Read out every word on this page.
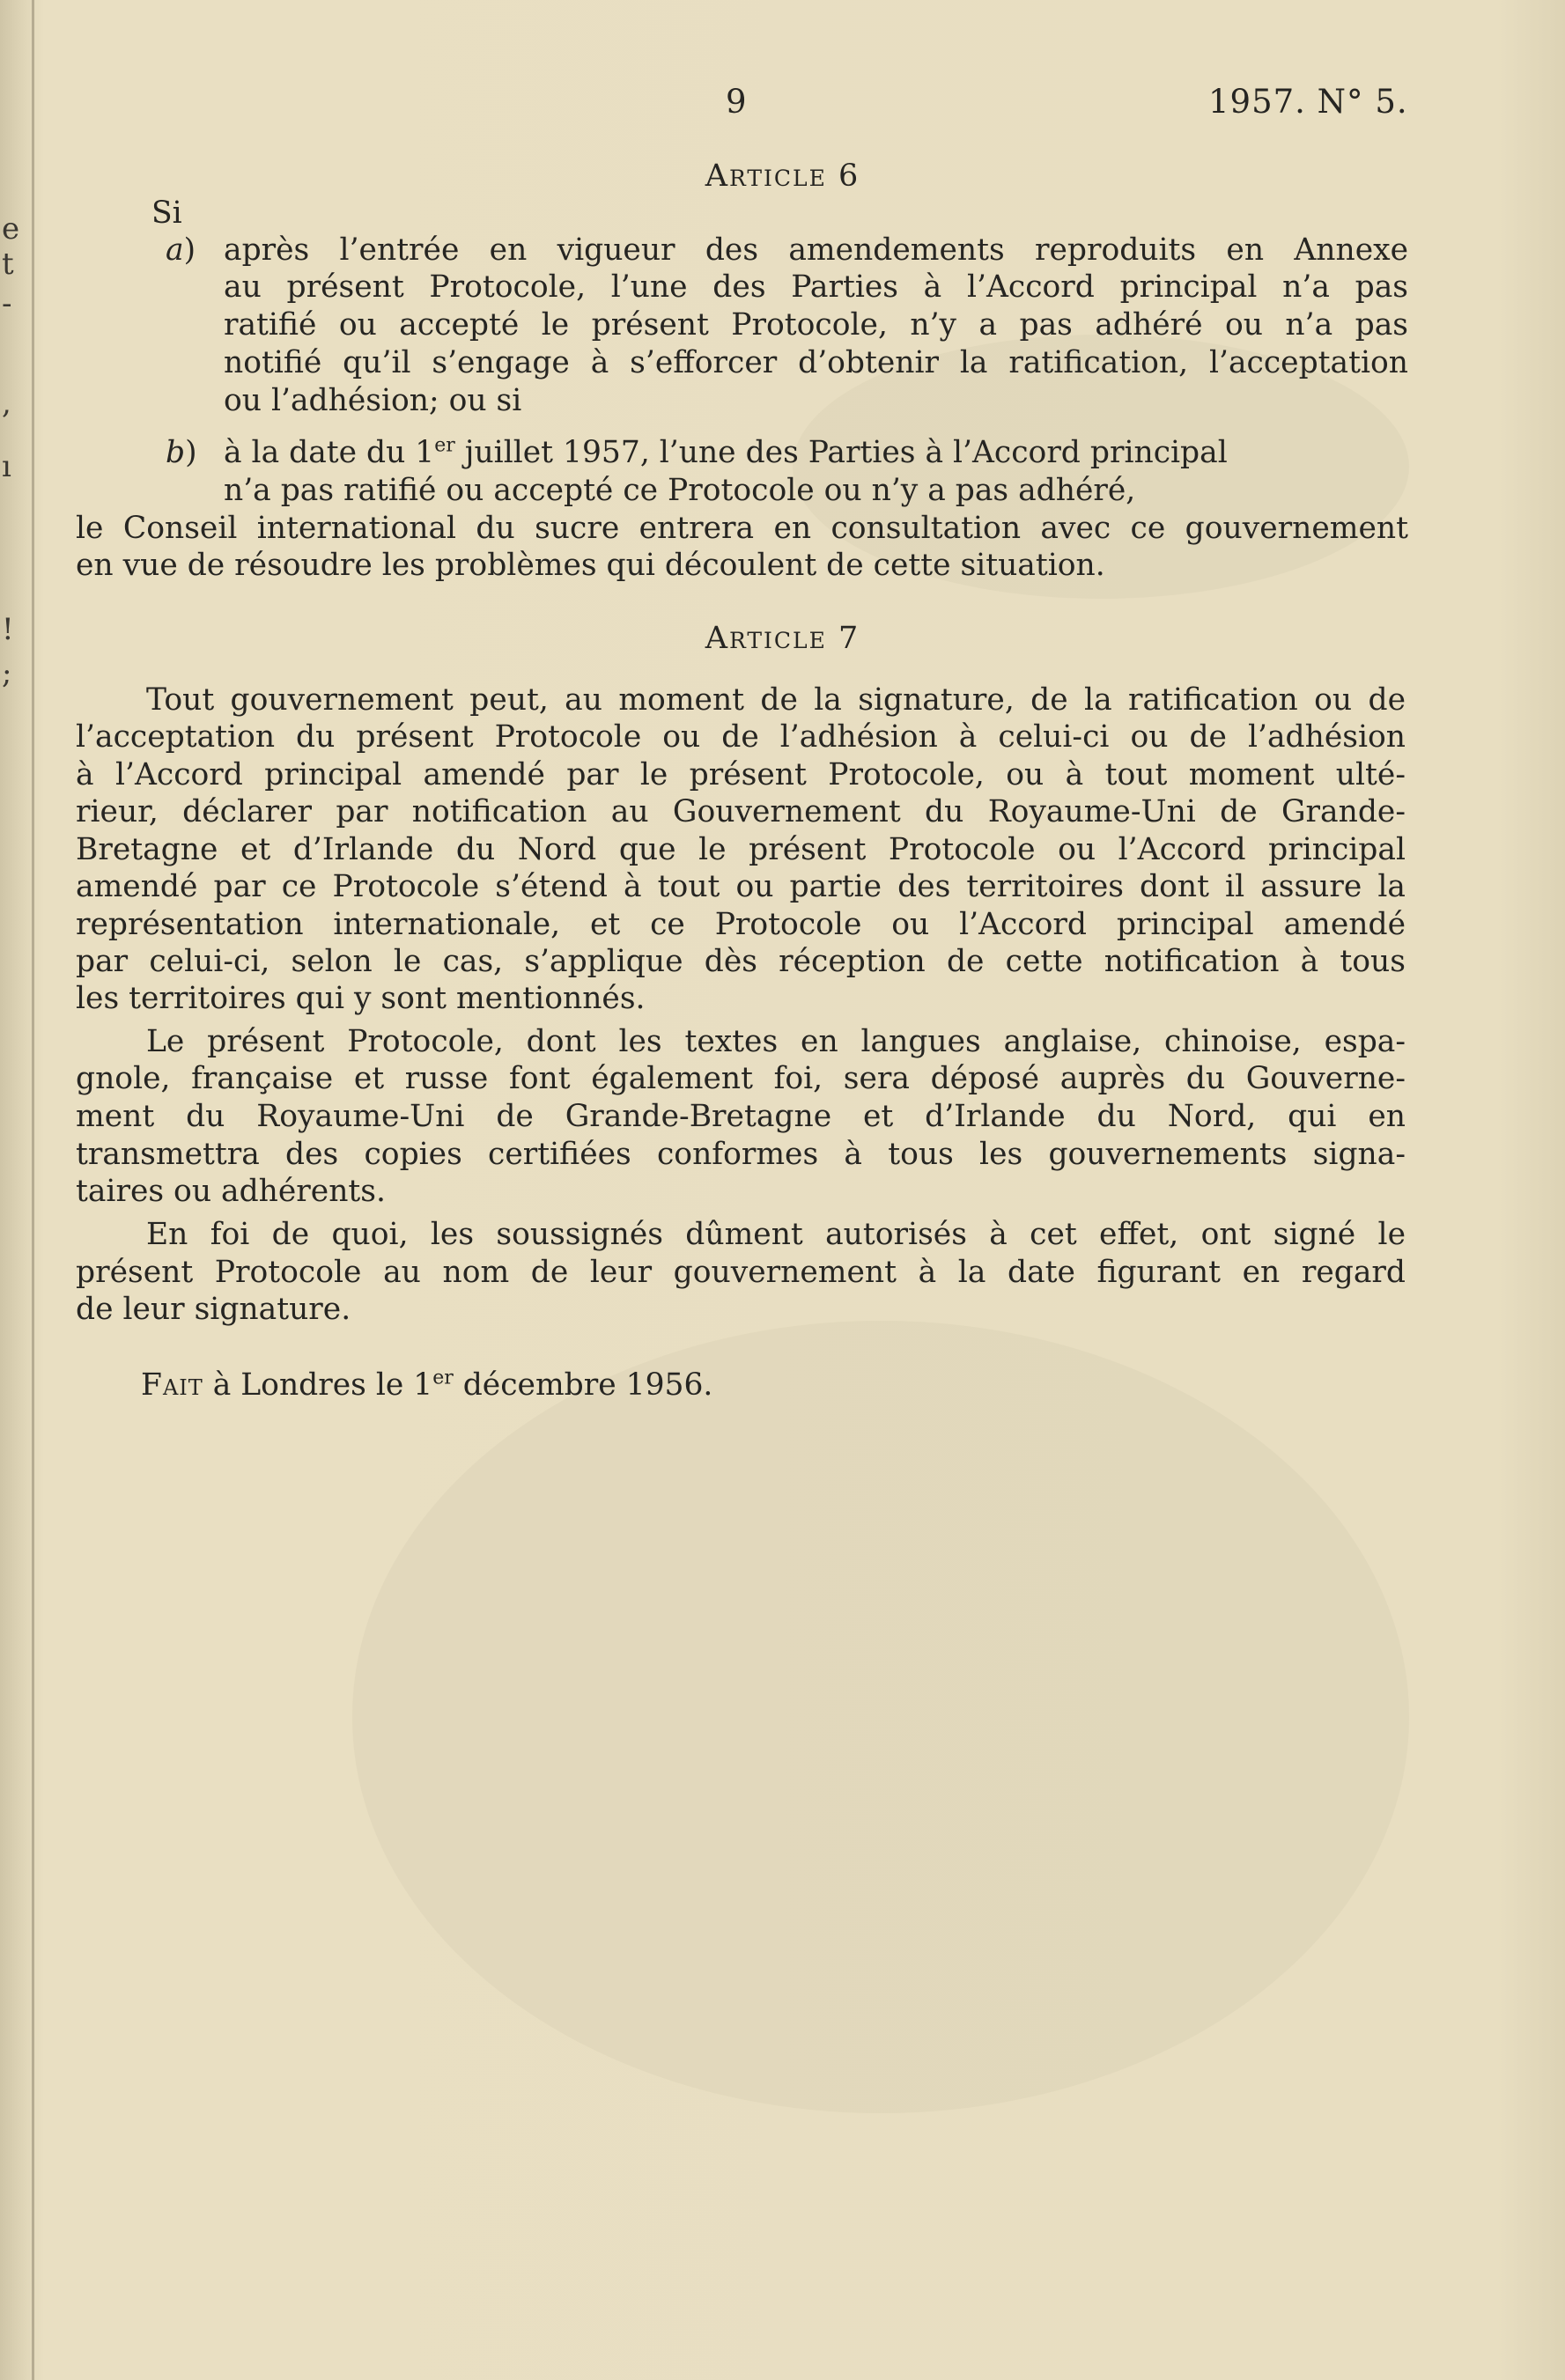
e
t
-
,
ı
!
;
9	1957. N° 5.
Article 6
Si
a) après l’entrée en vigueur des amendements reproduits en Annexe
au présent Protocole, l’une des Parties à l’Accord principal n’a pas
ratifié ou accepté le présent Protocole, n’y a pas adhéré ou n’a pas
notifié qu’il s’engage à s’efforcer d’obtenir la ratification, l’acceptation
ou l’adhésion; ou si
b) à la date du 1 $^{er}$ juillet 1957, l’une des Parties à l’Accord principal
n’a pas ratifié ou accepté ce Protocole ou n’y a pas adhéré,
le Conseil international du sucre entrera en consultation avec ce gouvernement
en vue de résoudre les problèmes qui découlent de cette situation.
Article 7
Tout gouvernement peut, au moment de la signature, de la ratification ou de
l’acceptation du présent Protocole ou de l’adhésion à celui-ci ou de l’adhésion
à l’Accord principal amendé par le présent Protocole, ou à tout moment ulté-
rieur, déclarer par notification au Gouvernement du Royaume-Uni de Grande-
Bretagne et d’Irlande du Nord que le présent Protocole ou l’Accord principal
amendé par ce Protocole s’étend à tout ou partie des territoires dont il assure la
représentation internationale, et ce Protocole ou l’Accord principal amendé
par celui-ci, selon le cas, s’applique dès réception de cette notification à tous
les territoires qui y sont mentionnés.
Le présent Protocole, dont les textes en langues anglaise, chinoise, espa-
gnole, française et russe font également foi, sera déposé auprès du Gouverne-
ment du Royaume-Uni de Grande-Bretagne et d’Irlande du Nord, qui en
transmettra des copies certifiées conformes à tous les gouvernements signa-
taires ou adhérents.
En foi de quoi, les soussignés dûment autorisés à cet effet, ont signé le
présent Protocole au nom de leur gouvernement à la date figurant en regard
de leur signature.
Fait à Londres le 1er décembre 1956.
